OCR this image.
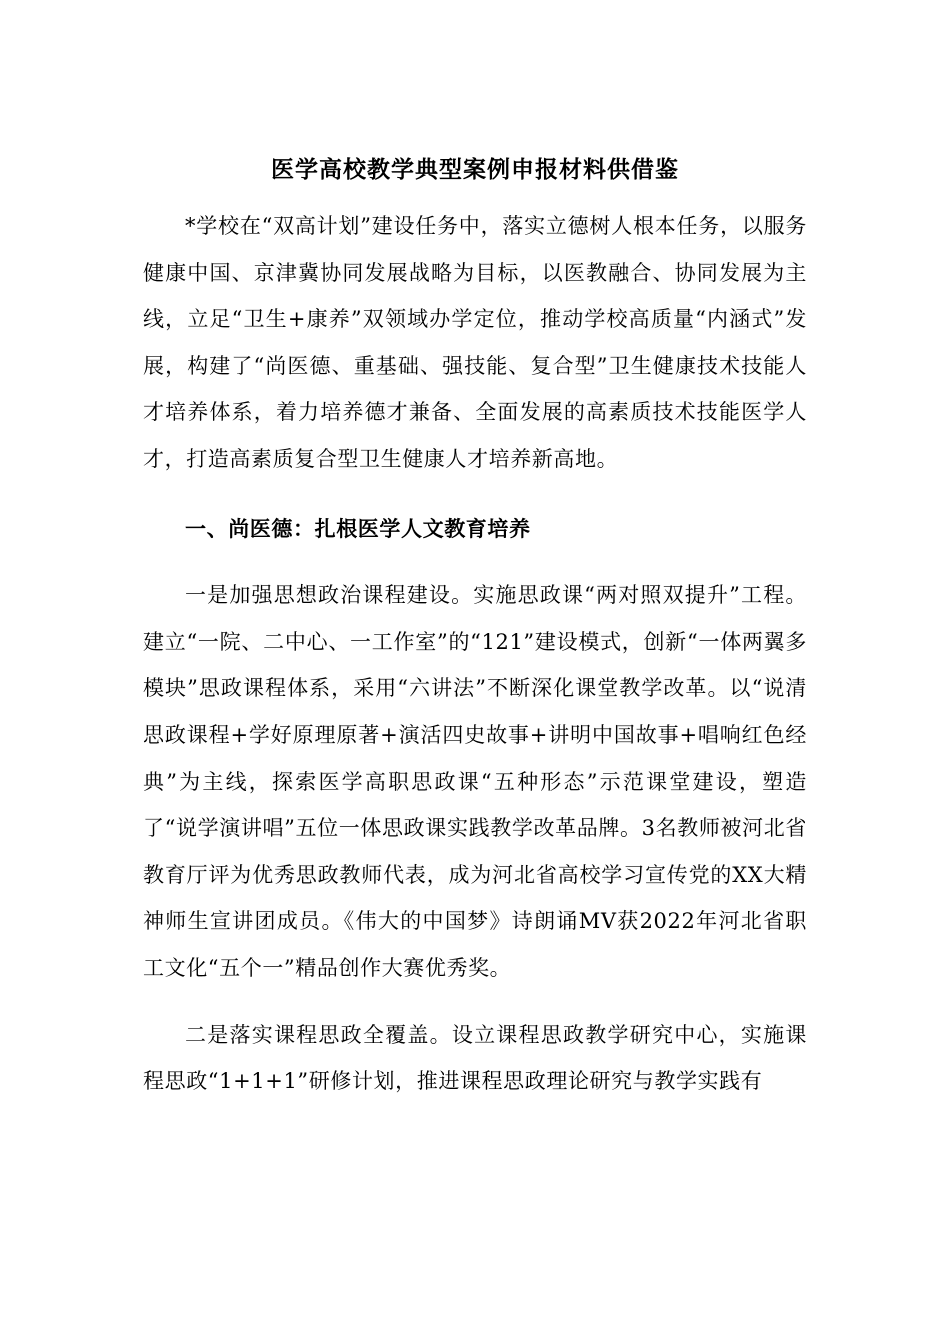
医学高校教学典型案例申报材料供借鉴

*学校在“双高计划”建设任务中，落实立德树人根本任务，以服务健康中国、京津冀协同发展战略为目标，以医教融合、协同发展为主线，立足“卫生+康养”双领域办学定位，推动学校高质量“内涵式”发展，构建了“尚医德、重基础、强技能、复合型”卫生健康技术技能人才培养体系，着力培养德才兼备、全面发展的高素质技术技能医学人才，打造高素质复合型卫生健康人才培养新高地。

一、尚医德：扎根医学人文教育培养

一是加强思想政治课程建设。实施思政课“两对照双提升”工程。建立“一院、二中心、一工作室”的“121”建设模式，创新“一体两翼多模块”思政课程体系，采用“六讲法”不断深化课堂教学改革。以“说清思政课程+学好原理原著+演活四史故事+讲明中国故事+唱响红色经典”为主线，探索医学高职思政课“五种形态”示范课堂建设，塑造了“说学演讲唱”五位一体思政课实践教学改革品牌。3名教师被河北省教育厅评为优秀思政教师代表，成为河北省高校学习宣传党的XX大精神师生宣讲团成员。《伟大的中国梦》诗朗诵MV获2022年河北省职工文化“五个一”精品创作大赛优秀奖。

二是落实课程思政全覆盖。设立课程思政教学研究中心，实施课程思政“1+1+1”研修计划，推进课程思政理论研究与教学实践有
